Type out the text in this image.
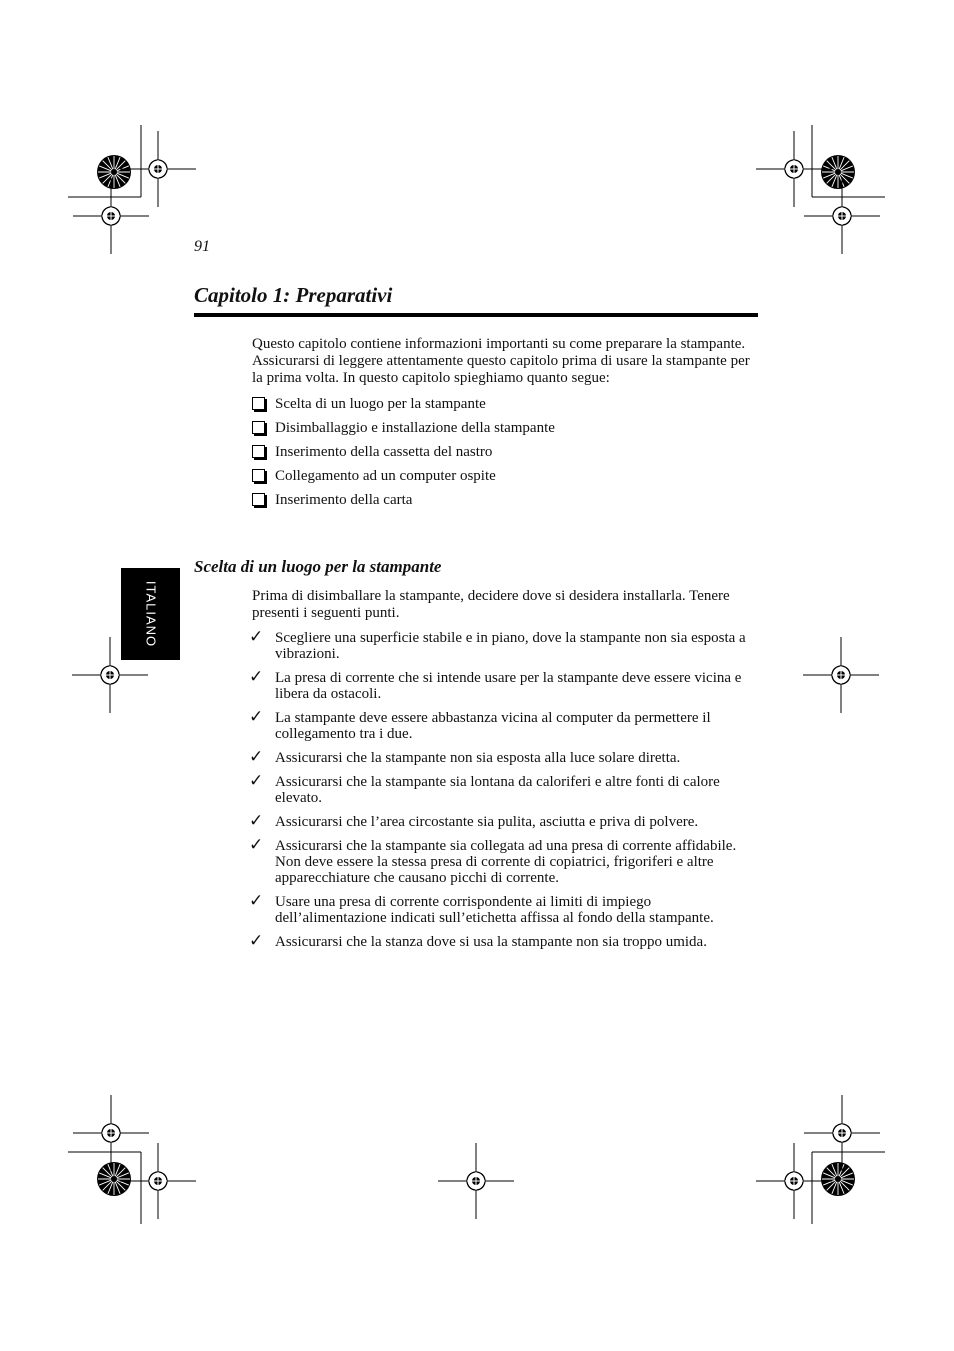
91
Capitolo 1: Preparativi
Questo capitolo contiene informazioni importanti su come preparare la stampante. Assicurarsi di leggere attentamente questo capitolo prima di usare la stampante per la prima volta. In questo capitolo spieghiamo quanto segue:
Scelta di un luogo per la stampante
Disimballaggio e installazione della stampante
Inserimento della cassetta del nastro
Collegamento ad un computer ospite
Inserimento della carta
ITALIANO
Scelta di un luogo per la stampante
Prima di disimballare la stampante, decidere dove si desidera installarla. Tenere presenti i seguenti punti.
✓ Scegliere una superficie stabile e in piano, dove la stampante non sia esposta a vibrazioni.
✓ La presa di corrente che si intende usare per la stampante deve essere vicina e libera da ostacoli.
✓ La stampante deve essere abbastanza vicina al computer da permettere il collegamento tra i due.
✓ Assicurarsi che la stampante non sia esposta alla luce solare diretta.
✓ Assicurarsi che la stampante sia lontana da caloriferi e altre fonti di calore elevato.
✓ Assicurarsi che l’area circostante sia pulita, asciutta e priva di polvere.
✓ Assicurarsi che la stampante sia collegata ad una presa di corrente affidabile. Non deve essere la stessa presa di corrente di copiatrici, frigoriferi e altre apparecchiature che causano picchi di corrente.
✓ Usare una presa di corrente corrispondente ai limiti di impiego dell’alimentazione indicati sull’etichetta affissa al fondo della stampante.
✓ Assicurarsi che la stanza dove si usa la stampante non sia troppo umida.
